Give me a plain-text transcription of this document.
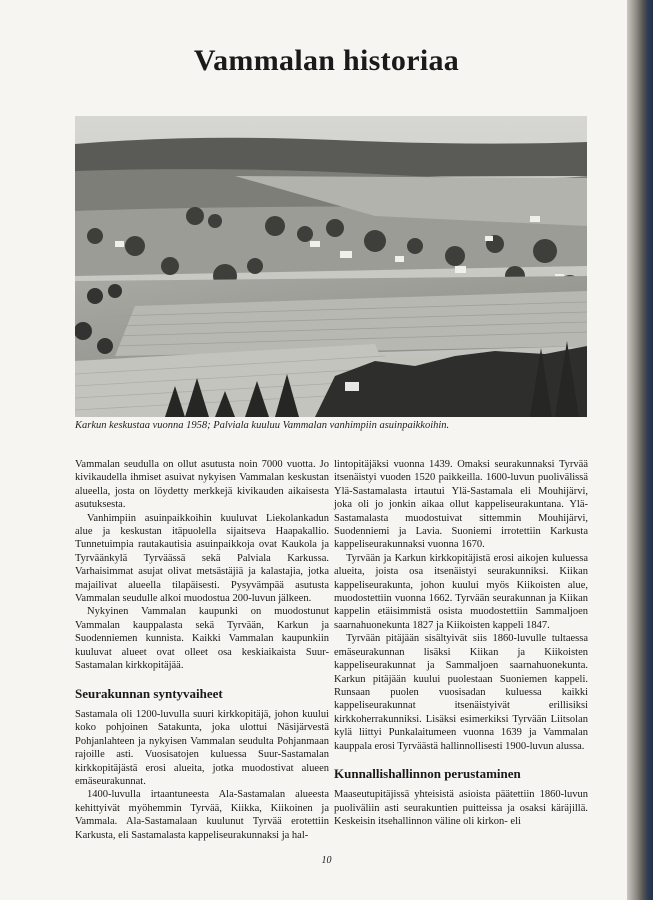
Vammalan historiaa
Karkun keskustaa vuonna 1958; Palviala kuuluu Vammalan vanhimpiin asuinpaikkoihin.

Vammalan seudulla on ollut asutusta noin 7000 vuotta. Jo kivikaudella ihmiset asuivat nykyisen Vammalan keskustan alueella, josta on löydetty merkkejä kivikauden aikaisesta asutuksesta.

Vanhimpiin asuinpaikkoihin kuuluvat Liekolankadun alue ja keskustan itäpuolella sijaitseva Haapakallio. Tunnetuimpia rautakautisia asuinpaikkoja ovat Kaukola ja Tyrväänkylä Tyrväässä sekä Palviala Karkussa. Varhaisimmat asujat olivat metsästäjiä ja kalastajia, jotka majailivat alueella tilapäisesti. Pysyvämpää asutusta Vammalan seudulle alkoi muodostua 200-luvun jälkeen.

Nykyinen Vammalan kaupunki on muodostunut Vammalan kauppalasta sekä Tyrvään, Karkun ja Suodenniemen kunnista. Kaikki Vammalan kaupunkiin kuuluvat alueet ovat olleet osa keskiaikaista Suur-Sastamalan kirkkopitäjää.

Seurakunnan syntyvaiheet

Sastamala oli 1200-luvulla suuri kirkkopitäjä, johon kuului koko pohjoinen Satakunta, joka ulottui Näsijärvestä Pohjanlahteen ja nykyisen Vammalan seudulta Pohjanmaan rajoille asti. Vuosisatojen kuluessa Suur-Sastamalan kirkkopitäjästä erosi alueita, jotka muodostivat alueen emäseurakunnat.

1400-luvulla irtaantuneesta Ala-Sastamalan alueesta kehittyivät myöhemmin Tyrvää, Kiikka, Kiikoinen ja Vammala. Ala-Sastamalaan kuulunut Tyrvää erotettiin Karkusta, eli Sastamalasta kappeliseurakunnaksi ja hal-

lintopitäjäksi vuonna 1439. Omaksi seurakunnaksi Tyrvää itsenäistyi vuoden 1520 paikkeilla. 1600-luvun puolivälissä Ylä-Sastamalasta irtautui Ylä-Sastamala eli Mouhijärvi, joka oli jo jonkin aikaa ollut kappeliseurakuntana. Ylä-Sastamalasta muodostuivat sittemmin Mouhijärvi, Suodenniemi ja Lavia. Suoniemi irrotettiin Karkusta kappeliseurakunnaksi vuonna 1670.

Tyrvään ja Karkun kirkkopitäjistä erosi aikojen kuluessa alueita, joista osa itsenäistyi seurakunniksi. Kiikan kappeliseurakunta, johon kuului myös Kiikoisten alue, muodostettiin vuonna 1662. Tyrvään seurakunnan ja Kiikan kappelin etäisimmistä osista muodostettiin Sammaljoen saarnahuonekunta 1827 ja Kiikoisten kappeli 1847.

Tyrvään pitäjään sisältyivät siis 1860-luvulle tultaessa emäseurakunnan lisäksi Kiikan ja Kiikoisten kappeliseurakunnat ja Sammaljoen saarnahuonekunta. Karkun pitäjään kuului puolestaan Suoniemen kappeli. Runsaan puolen vuosisadan kuluessa kaikki kappeliseurakunnat itsenäistyivät erillisiksi kirkkoherrakunniksi. Lisäksi esimerkiksi Tyrvään Liitsolan kylä liittyi Punkalaitumeen vuonna 1639 ja Vammalan kauppala erosi Tyrväästä hallinnollisesti 1900-luvun alussa.

Kunnallishallinnon perustaminen

Maaseutupitäjissä yhteisistä asioista päätettiin 1860-luvun puoliväliin asti seurakuntien puitteissa ja osaksi käräjillä. Keskeisin itsehallinnon väline oli kirkon- eli

10
